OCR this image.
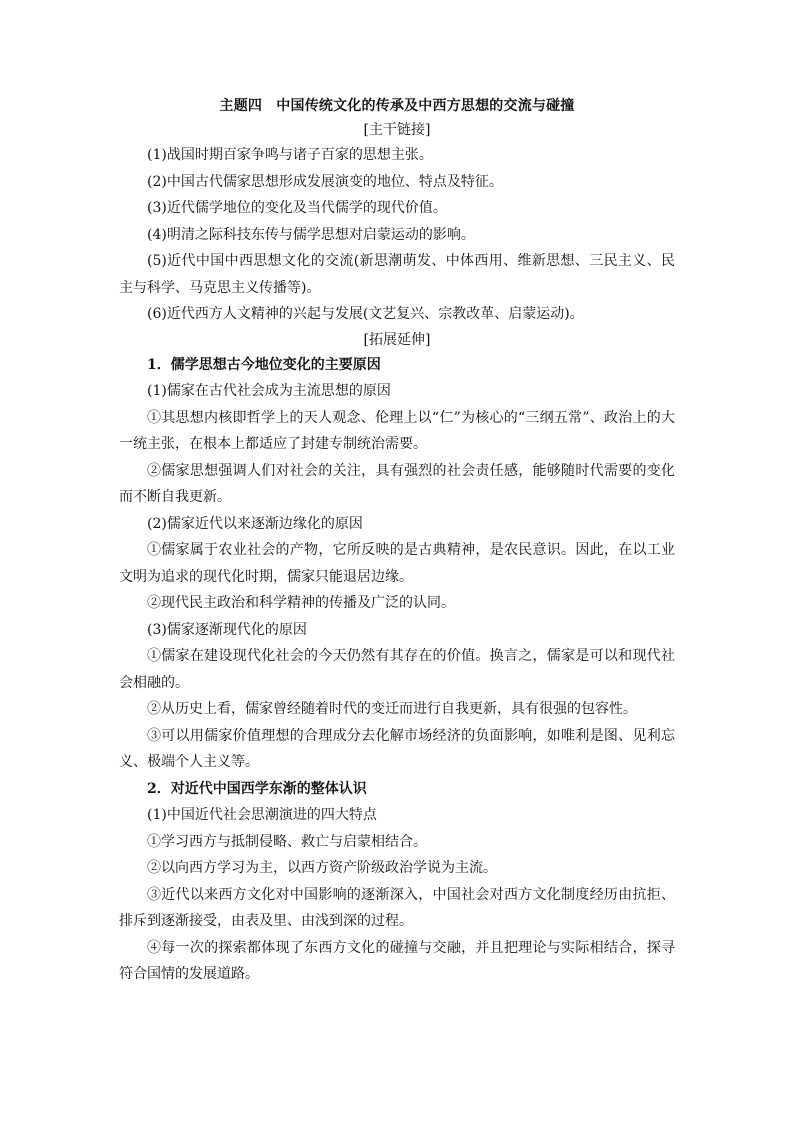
主题四　中国传统文化的传承及中西方思想的交流与碰撞
[主干链接]

(1)战国时期百家争鸣与诸子百家的思想主张。

(2)中国古代儒家思想形成发展演变的地位、特点及特征。

(3)近代儒学地位的变化及当代儒学的现代价值。

(4)明清之际科技东传与儒学思想对启蒙运动的影响。

(5)近代中国中西思想文化的交流(新思潮萌发、中体西用、维新思想、三民主义、民主与科学、马克思主义传播等)。

(6)近代西方人文精神的兴起与发展(文艺复兴、宗教改革、启蒙运动)。

[拓展延伸]

1．儒学思想古今地位变化的主要原因

(1)儒家在古代社会成为主流思想的原因

①其思想内核即哲学上的天人观念、伦理上以“仁”为核心的“三纲五常”、政治上的大一统主张，在根本上都适应了封建专制统治需要。

②儒家思想强调人们对社会的关注，具有强烈的社会责任感，能够随时代需要的变化而不断自我更新。

(2)儒家近代以来逐渐边缘化的原因

①儒家属于农业社会的产物，它所反映的是古典精神，是农民意识。因此，在以工业文明为追求的现代化时期，儒家只能退居边缘。

②现代民主政治和科学精神的传播及广泛的认同。

(3)儒家逐渐现代化的原因

①儒家在建设现代化社会的今天仍然有其存在的价值。换言之，儒家是可以和现代社会相融的。

②从历史上看，儒家曾经随着时代的变迁而进行自我更新，具有很强的包容性。

③可以用儒家价值理想的合理成分去化解市场经济的负面影响，如唯利是图、见利忘义、极端个人主义等。

2．对近代中国西学东渐的整体认识

(1)中国近代社会思潮演进的四大特点

①学习西方与抵制侵略、救亡与启蒙相结合。

②以向西方学习为主，以西方资产阶级政治学说为主流。

③近代以来西方文化对中国影响的逐渐深入，中国社会对西方文化制度经历由抗拒、排斥到逐渐接受，由表及里、由浅到深的过程。

④每一次的探索都体现了东西方文化的碰撞与交融，并且把理论与实际相结合，探寻符合国情的发展道路。
